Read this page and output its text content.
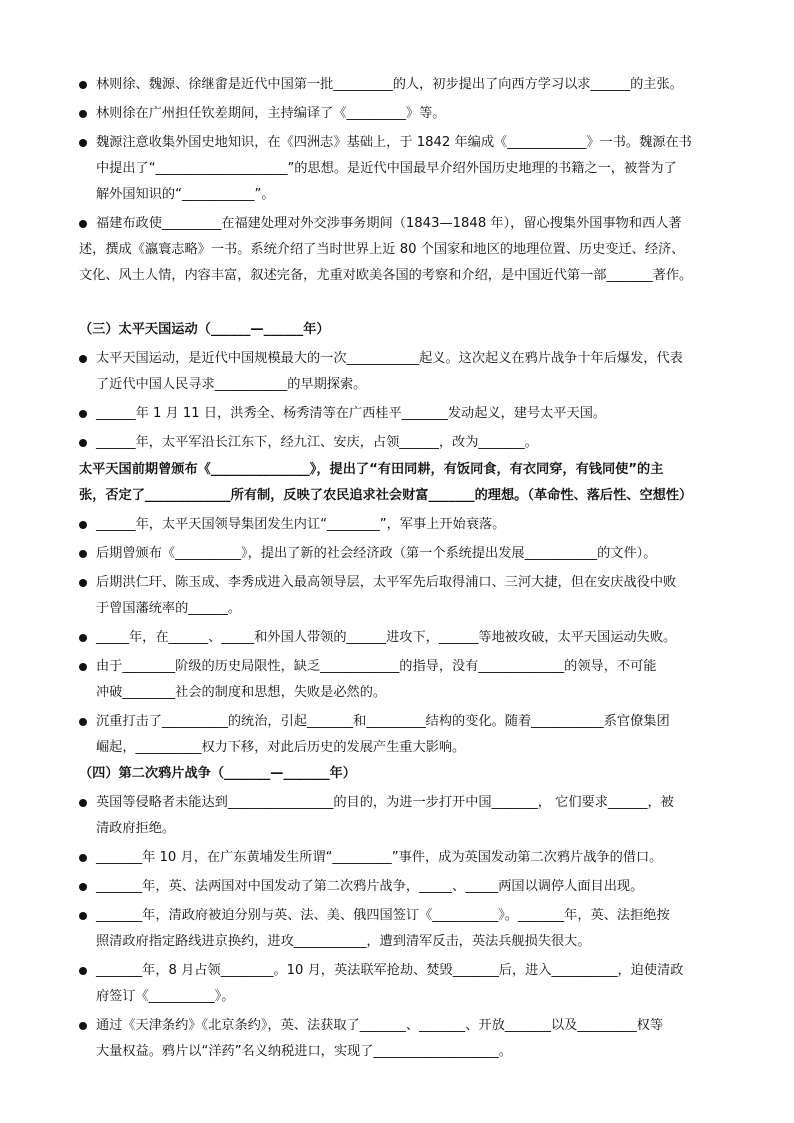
林则徐、魏源、徐继畬是近代中国第一批_________的人，初步提出了向西方学习以求______的主张。
林则徐在广州担任钦差期间，主持编译了《_________》等。
魏源注意收集外国史地知识，在《四洲志》基础上，于 1842 年编成《____________》一书。魏源在书
中提出了“____________________”的思想。是近代中国最早介绍外国历史地理的书籍之一，被誉为了
解外国知识的“___________”。
福建布政使_________在福建处理对外交涉事务期间（1843—1848 年），留心搜集外国事物和西人著
述，撰成《瀛寰志略》一书。系统介绍了当时世界上近 80 个国家和地区的地理位置、历史变迁、经济、
文化、风土人情，内容丰富，叙述完备，尤重对欧美各国的考察和介绍，是中国近代第一部_______著作。
（三）太平天国运动（______—______年）
太平天国运动，是近代中国规模最大的一次___________起义。这次起义在鸦片战争十年后爆发，代表
了近代中国人民寻求___________的早期探索。
______年 1 月 11 日，洪秀全、杨秀清等在广西桂平_______发动起义，建号太平天国。
______年，太平军沿长江东下，经九江、安庆，占领______，改为_______。
太平天国前期曾颁布《_______________》，提出了“有田同耕，有饭同食，有衣同穿，有钱同使”的主
张，否定了_____________所有制，反映了农民追求社会财富_______的理想。（革命性、落后性、空想性）
______年，太平天国领导集团发生内讧“________”，军事上开始衰落。
后期曾颁布《__________》，提出了新的社会经济政（第一个系统提出发展___________的文件）。
后期洪仁玕、陈玉成、李秀成进入最高领导层，太平军先后取得浦口、三河大捷，但在安庆战役中败
于曾国藩统率的______。
_____年，在______、_____和外国人带领的______进攻下，______等地被攻破，太平天国运动失败。
由于________阶级的历史局限性，缺乏____________的指导，没有_____________的领导，不可能
冲破________社会的制度和思想，失败是必然的。
沉重打击了__________的统治，引起_______和_________结构的变化。随着___________系官僚集团
崛起，__________权力下移，对此后历史的发展产生重大影响。
（四）第二次鸦片战争（_______—_______年）
英国等侵略者未能达到________________的目的，为进一步打开中国_______， 它们要求______，被
清政府拒绝。
_______年 10 月，在广东黄埔发生所谓“_________”事件，成为英国发动第二次鸦片战争的借口。
_______年，英、法两国对中国发动了第二次鸦片战争，_____、_____两国以调停人面目出现。
_______年，清政府被迫分别与英、法、美、俄四国签订《__________》。_______年，英、法拒绝按
照清政府指定路线进京换约，进攻___________，遭到清军反击，英法兵舰损失很大。
_______年，8 月占领________。10 月，英法联军抢劫、焚毁_______后，进入__________，迫使清政
府签订《__________》。
通过《天津条约》《北京条约》，英、法获取了_______、_______、开放_______以及_________权等
大量权益。鸦片以“洋药”名义纳税进口，实现了___________________。
